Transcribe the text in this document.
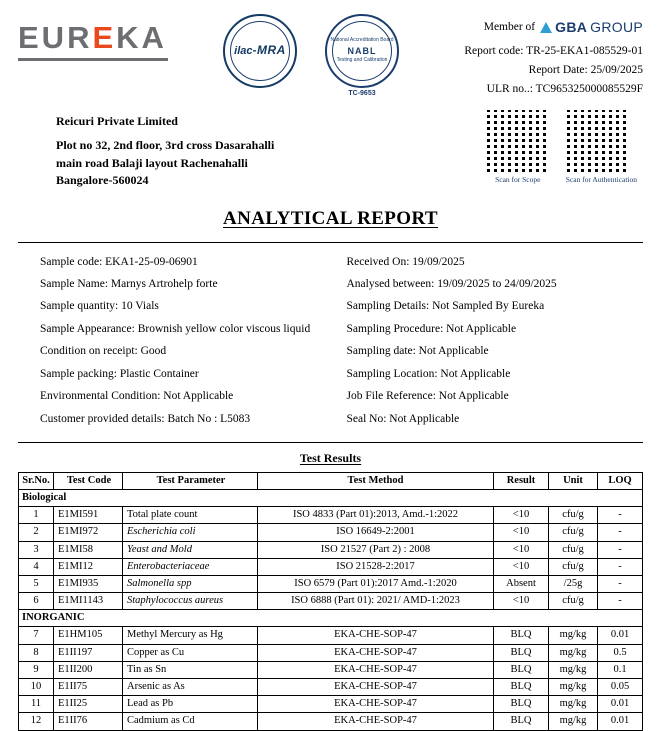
EUREKA	ilac-MRA
National Accreditation Board
NABL
Testing and Calibration
TC-9653
Member of GBA GROUP
Report code: TR-25-EKA1-085529-01
Report Date: 25/09/2025
ULR no..: TC965325000085529F
Reicuri Private Limited
Plot no 32, 2nd floor, 3rd cross Dasarahalli
main road Balaji layout Rachenahalli
Bangalore-560024	Scan for Scope	Scan for Authentication
ANALYTICAL REPORT
Sample code: EKA1-25-09-06901
Sample Name: Marnys Artrohelp forte
Sample quantity: 10 Vials
Sample Appearance: Brownish yellow color viscous liquid
Condition on receipt: Good
Sample packing: Plastic Container
Environmental Condition: Not Applicable
Customer provided details: Batch No : L5083
Received On: 19/09/2025
Analysed between: 19/09/2025 to 24/09/2025
Sampling Details: Not Sampled By Eureka
Sampling Procedure: Not Applicable
Sampling date: Not Applicable
Sampling Location: Not Applicable
Job File Reference: Not Applicable
Seal No: Not Applicable
Test Results
Sr.No.	Test Code	Test Parameter	Test Method	Result	Unit	LOQ
Biological						
1	E1MI591	Total plate count	ISO 4833 (Part 01):2013, Amd.-1:2022	<10	cfu/g	-
2	E1MI972	Escherichia coli	ISO 16649-2:2001	<10	cfu/g	-
3	E1MI58	Yeast and Mold	ISO 21527 (Part 2) : 2008	<10	cfu/g	-
4	E1MI12	Enterobacteriaceae	ISO 21528-2:2017	<10	cfu/g	-
5	E1MI935	Salmonella spp	ISO 6579 (Part 01):2017 Amd.-1:2020	Absent	/25g	-
6	E1MI1143	Staphylococcus aureus	ISO 6888 (Part 01): 2021/ AMD-1:2023	<10	cfu/g	-
INORGANIC						
7	E1HM105	Methyl Mercury as Hg	EKA-CHE-SOP-47	BLQ	mg/kg	0.01
8	E1II197	Copper as Cu	EKA-CHE-SOP-47	BLQ	mg/kg	0.5
9	E1II200	Tin as Sn	EKA-CHE-SOP-47	BLQ	mg/kg	0.1
10	E1II75	Arsenic as As	EKA-CHE-SOP-47	BLQ	mg/kg	0.05
11	E1II25	Lead as Pb	EKA-CHE-SOP-47	BLQ	mg/kg	0.01
12	E1II76	Cadmium as Cd	EKA-CHE-SOP-47	BLQ	mg/kg	0.01
